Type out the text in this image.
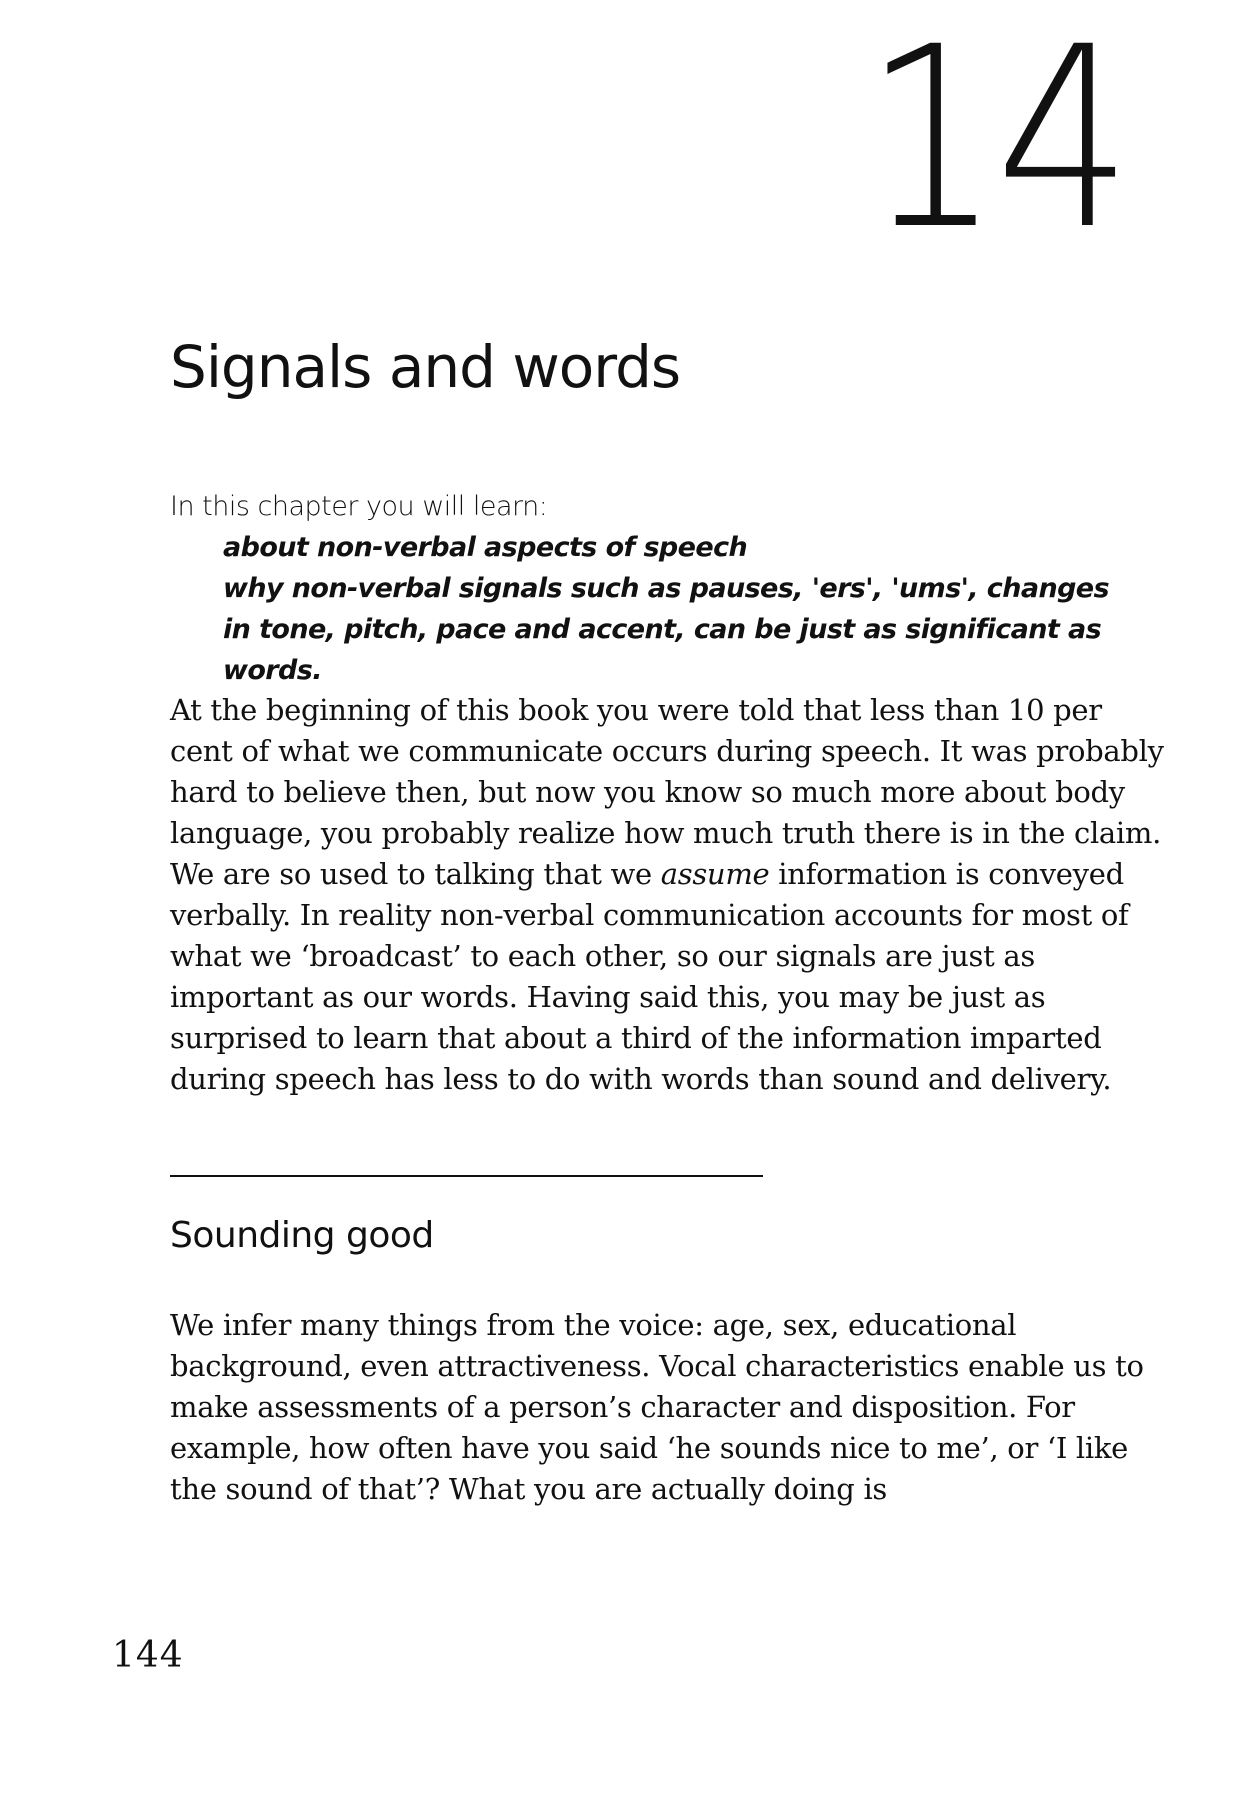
14
Signals and words
In this chapter you will learn:
about non-verbal aspects of speech
why non-verbal signals such as pauses, 'ers', 'ums', changes in tone, pitch, pace and accent, can be just as significant as words.

At the beginning of this book you were told that less than 10 per cent of what we communicate occurs during speech. It was probably hard to believe then, but now you know so much more about body language, you probably realize how much truth there is in the claim. We are so used to talking that we assume information is conveyed verbally. In reality non-verbal communication accounts for most of what we ‘broadcast’ to each other, so our signals are just as important as our words. Having said this, you may be just as surprised to learn that about a third of the information imparted during speech has less to do with words than sound and delivery.

Sounding good

We infer many things from the voice: age, sex, educational background, even attractiveness. Vocal characteristics enable us to make assessments of a person’s character and disposition. For example, how often have you said ‘he sounds nice to me’, or ‘I like the sound of that’? What you are actually doing is

144
